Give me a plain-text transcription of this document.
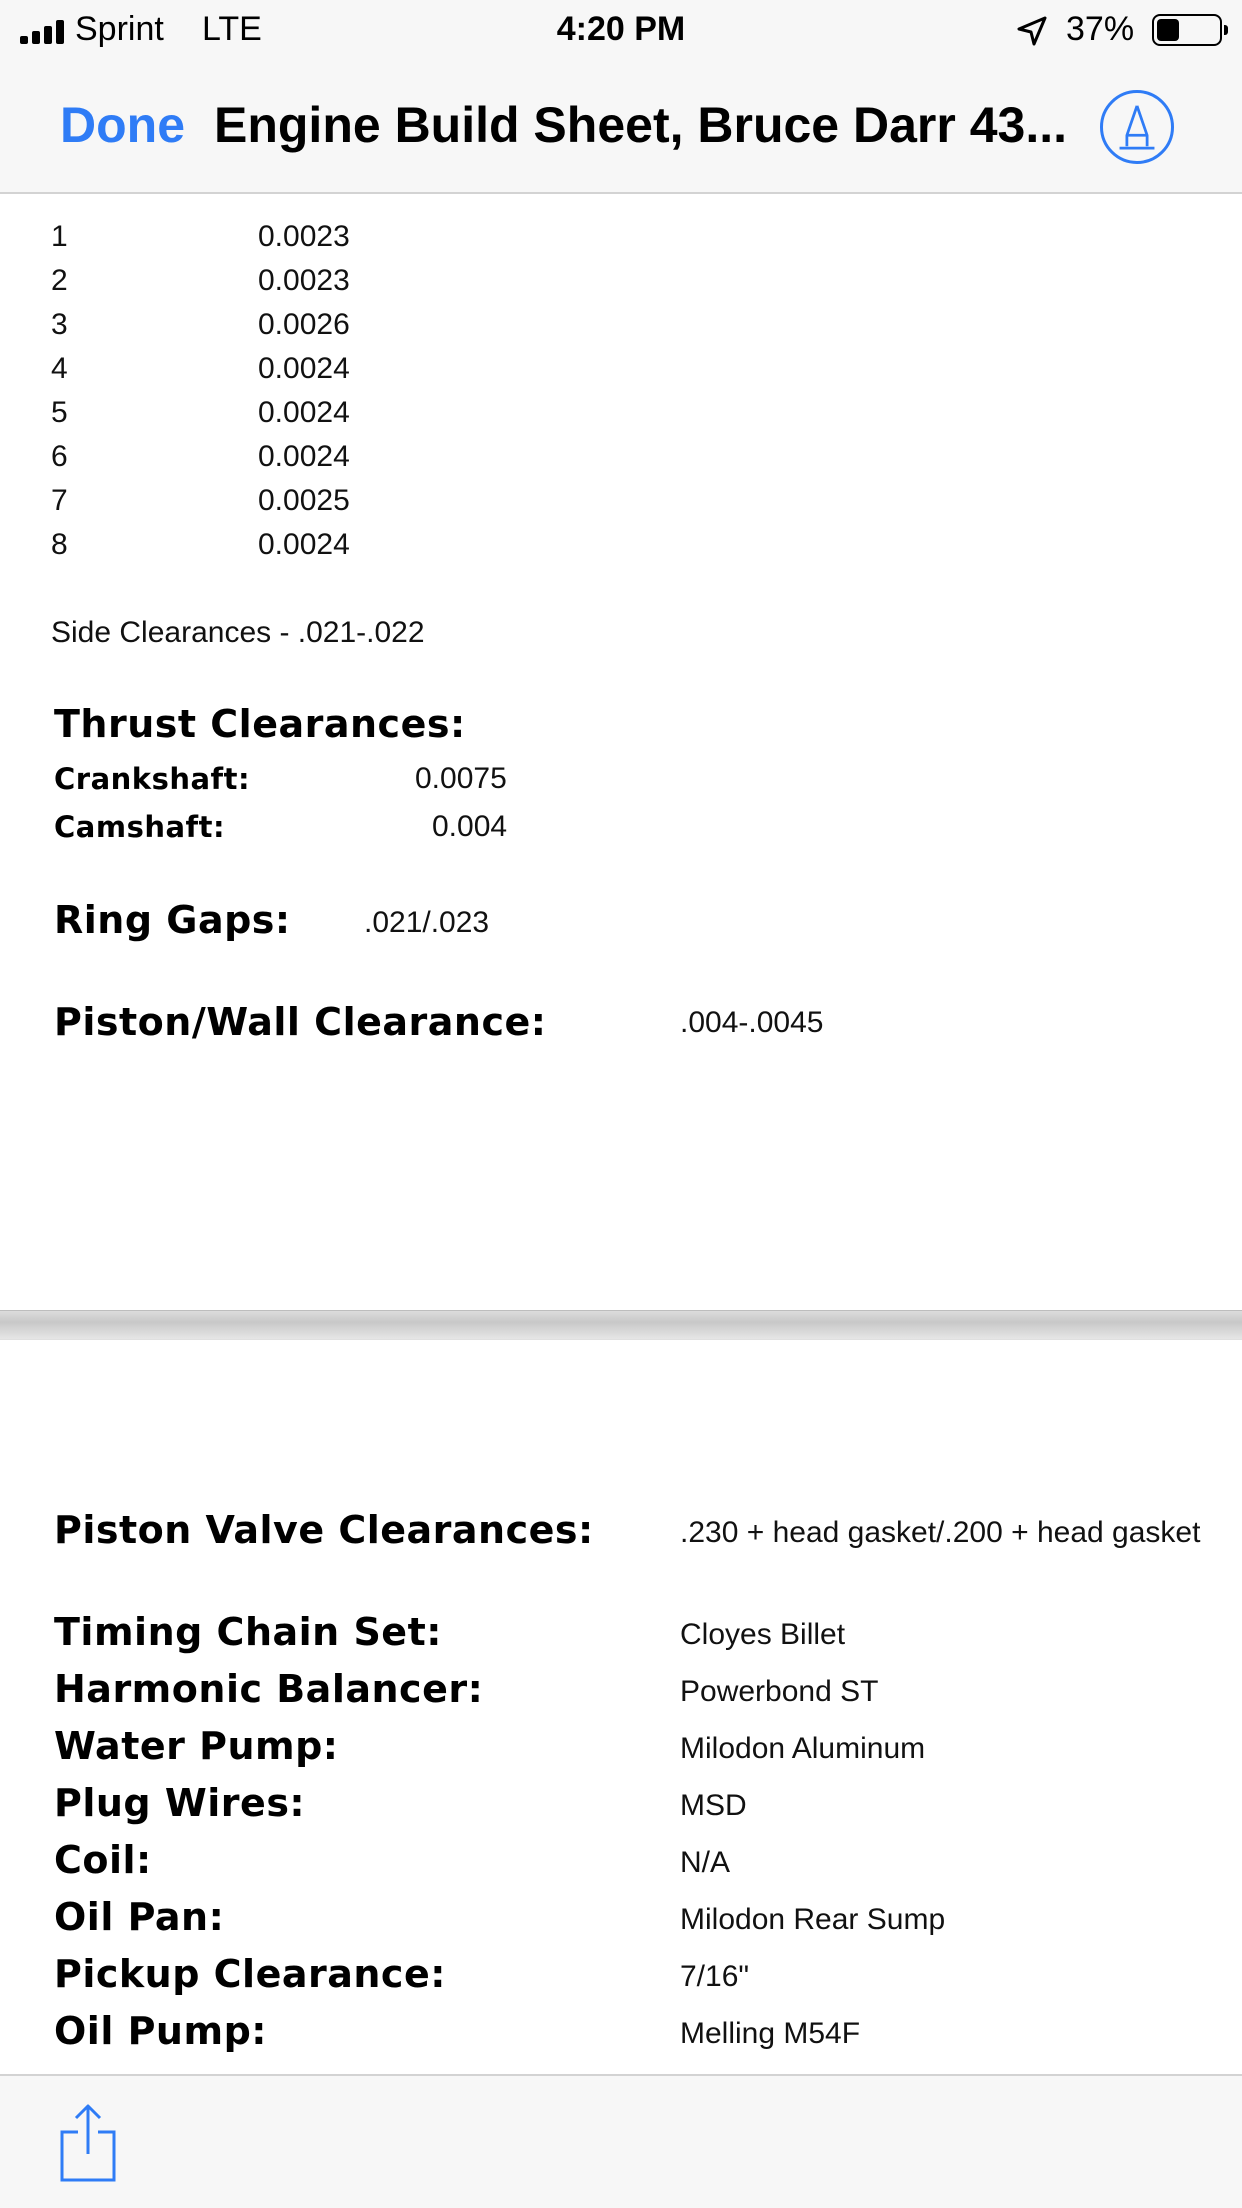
Sprint LTE	4:20 PM	37%
Done Engine Build Sheet, Bruce Darr 43...
1	0.0023
2	0.0023
3	0.0026
4	0.0024
5	0.0024
6	0.0024
7	0.0025
8	0.0024
Side Clearances - .021-.022
Thrust Clearances:
Crankshaft:	0.0075
Camshaft:	0.004
Ring Gaps: .021/.023
Piston/Wall Clearance:	.004-.0045
Piston Valve Clearances:	.230 + head gasket/.200 + head gasket
Timing Chain Set:	Cloyes Billet
Harmonic Balancer:	Powerbond ST
Water Pump:	Milodon Aluminum
Plug Wires:	MSD
Coil:	N/A
Oil Pan:	Milodon Rear Sump
Pickup Clearance:	7/16"
Oil Pump:	Melling M54F
